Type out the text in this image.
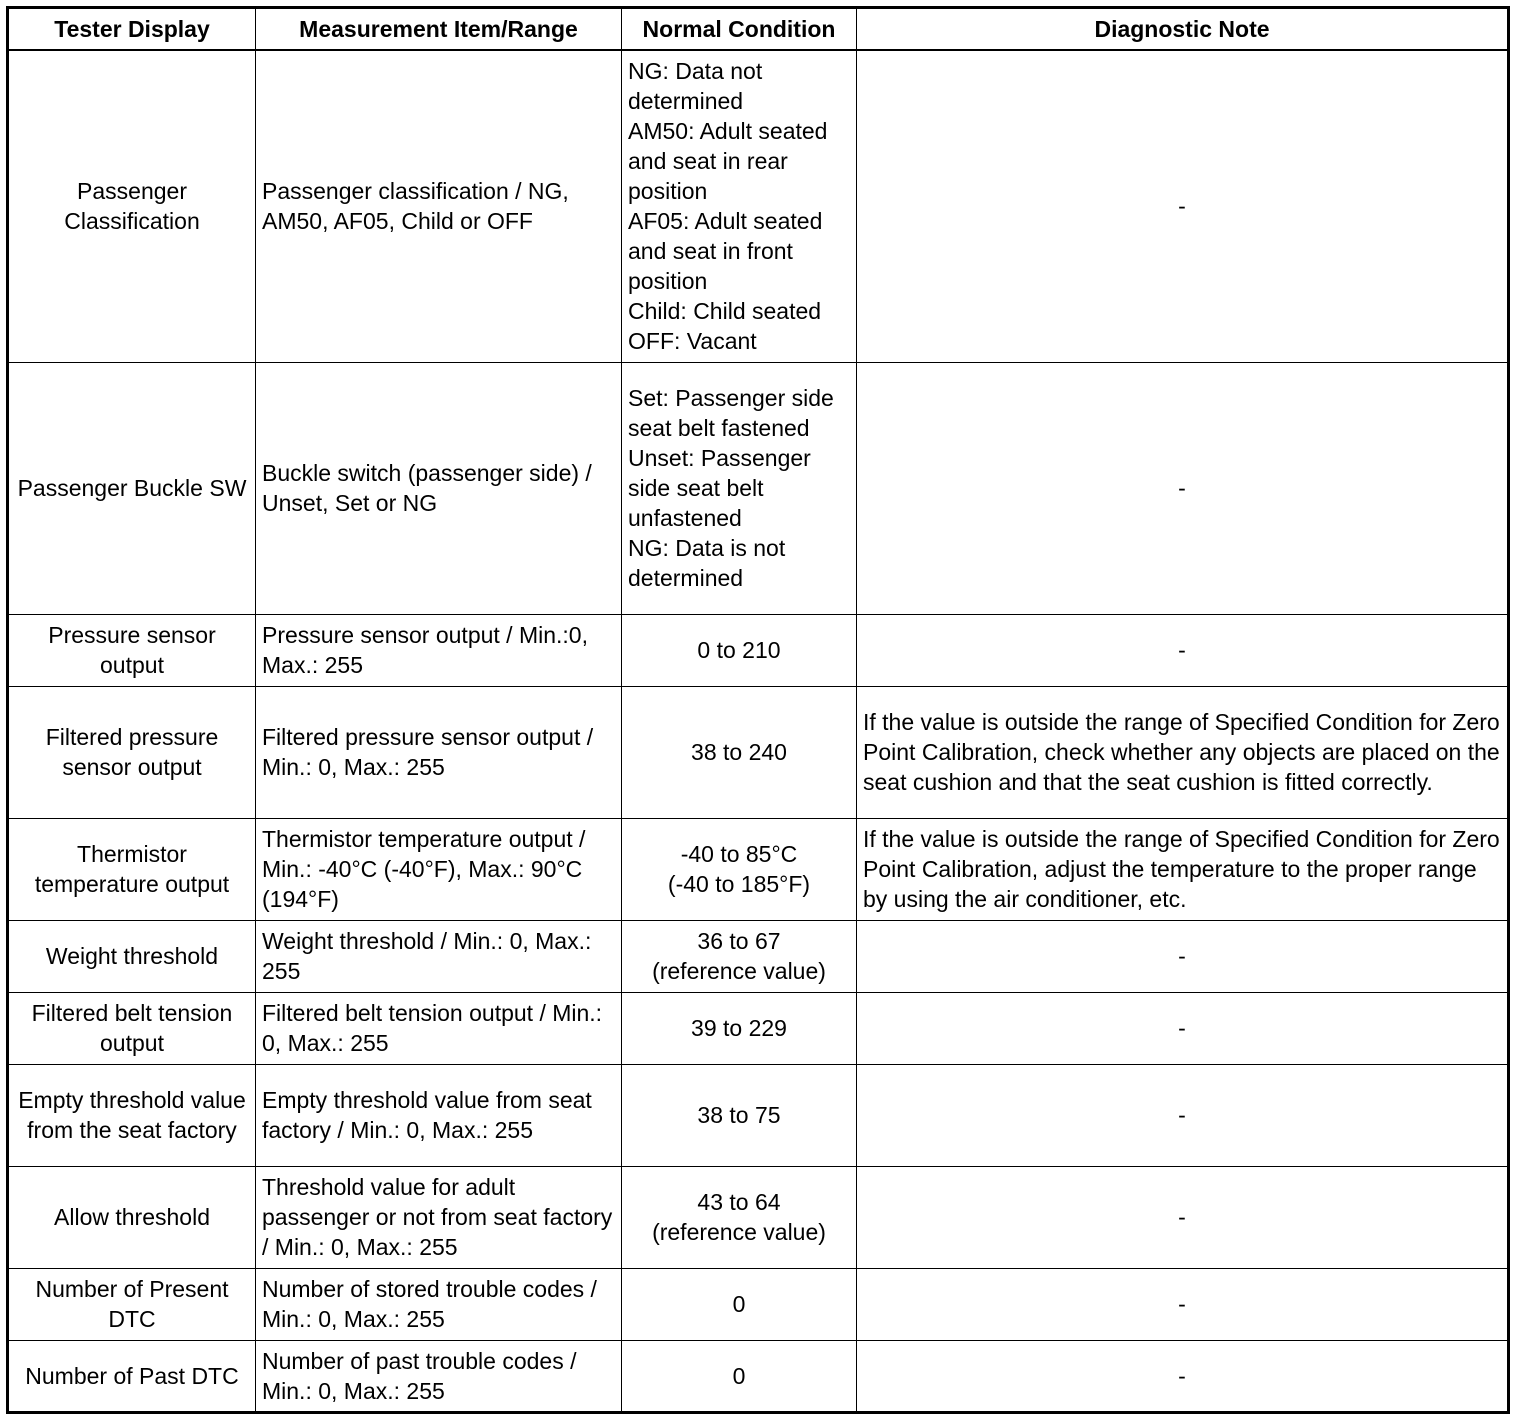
Tester Display	Measurement Item/Range	Normal Condition	Diagnostic Note
Passenger Classification	Passenger classification / NG, AM50, AF05, Child or OFF	NG: Data not determined
AM50: Adult seated and seat in rear position
AF05: Adult seated and seat in front position
Child: Child seated
OFF: Vacant	-
Passenger Buckle SW	Buckle switch (passenger side) / Unset, Set or NG	Set: Passenger side seat belt fastened
Unset: Passenger side seat belt unfastened
NG: Data is not determined	-
Pressure sensor output	Pressure sensor output / Min.:0, Max.: 255	0 to 210	-
Filtered pressure sensor output	Filtered pressure sensor output / Min.: 0, Max.: 255	38 to 240	If the value is outside the range of Specified Condition for Zero Point Calibration, check whether any objects are placed on the seat cushion and that the seat cushion is fitted correctly.
Thermistor temperature output	Thermistor temperature output / Min.: -40°C (-40°F), Max.: 90°C (194°F)	-40 to 85°C
(-40 to 185°F)	If the value is outside the range of Specified Condition for Zero Point Calibration, adjust the temperature to the proper range by using the air conditioner, etc.
Weight threshold	Weight threshold / Min.: 0, Max.: 255	36 to 67
(reference value)	-
Filtered belt tension output	Filtered belt tension output / Min.: 0, Max.: 255	39 to 229	-
Empty threshold value from the seat factory	Empty threshold value from seat factory / Min.: 0, Max.: 255	38 to 75	-
Allow threshold	Threshold value for adult passenger or not from seat factory / Min.: 0, Max.: 255	43 to 64
(reference value)	-
Number of Present DTC	Number of stored trouble codes / Min.: 0, Max.: 255	0	-
Number of Past DTC	Number of past trouble codes / Min.: 0, Max.: 255	0	-
